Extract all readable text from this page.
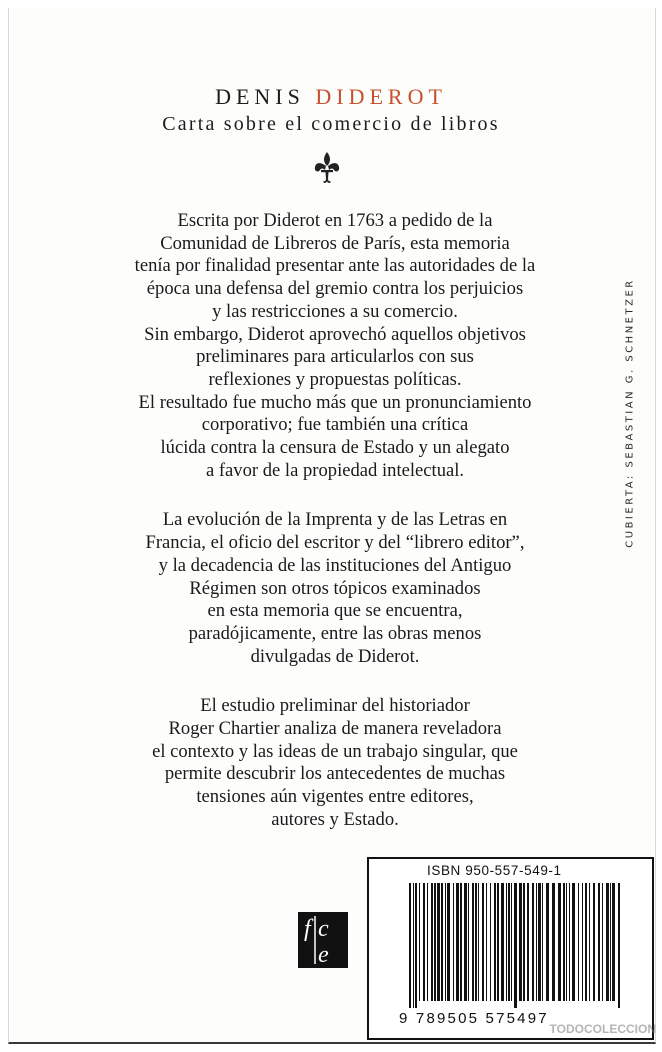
DENIS DIDEROT
Carta sobre el comercio de libros
Escrita por Diderot en 1763 a pedido de la
Comunidad de Libreros de París, esta memoria
tenía por finalidad presentar ante las autoridades de la
época una defensa del gremio contra los perjuicios
y las restricciones a su comercio.
Sin embargo, Diderot aprovechó aquellos objetivos
preliminares para articularlos con sus
reflexiones y propuestas políticas.
El resultado fue mucho más que un pronunciamiento
corporativo; fue también una crítica
lúcida contra la censura de Estado y un alegato
a favor de la propiedad intelectual.
La evolución de la Imprenta y de las Letras en
Francia, el oficio del escritor y del “librero editor”,
y la decadencia de las instituciones del Antiguo
Régimen son otros tópicos examinados
en esta memoria que se encuentra,
paradójicamente, entre las obras menos
divulgadas de Diderot.
El estudio preliminar del historiador
Roger Chartier analiza de manera reveladora
el contexto y las ideas de un trabajo singular, que
permite descubrir los antecedentes de muchas
tensiones aún vigentes entre editores,
autores y Estado.
CUBIERTA: SEBASTIAN G. SCHNETZER
f c
e
ISBN 950-557-549-1
9 789505 575497
TODOCOLECCION
